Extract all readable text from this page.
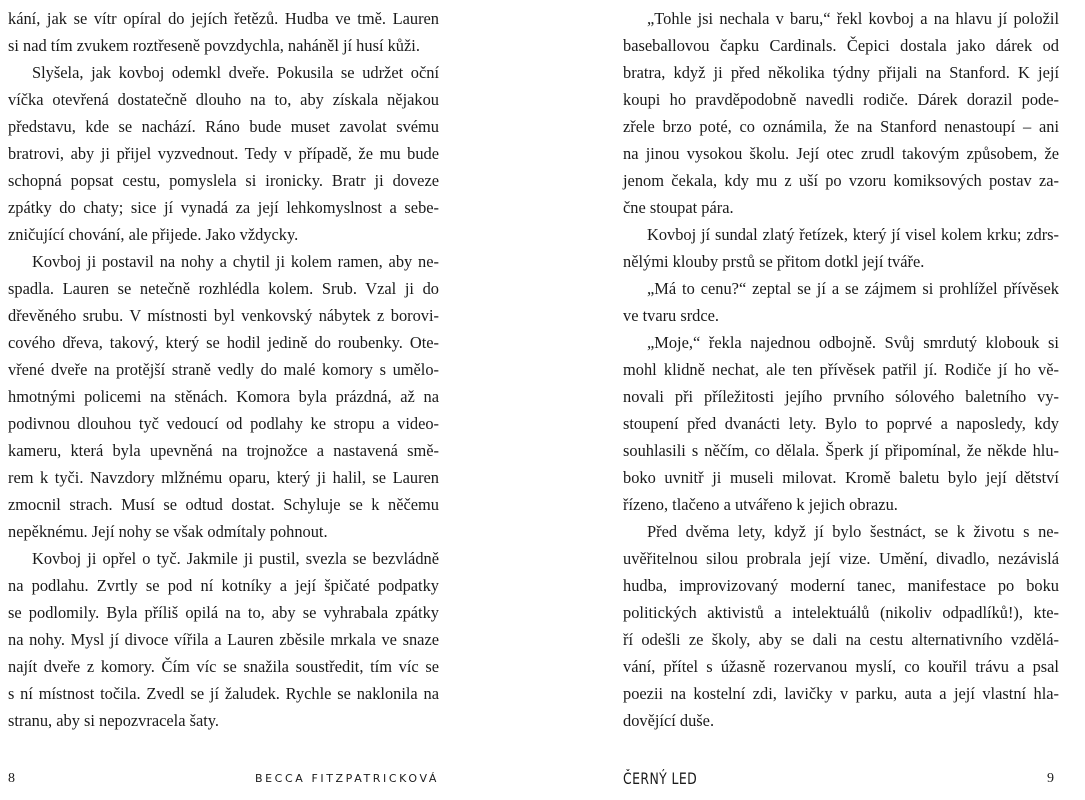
kání, jak se vítr opíral do jejích řetězů. Hudba ve tmě. Lauren
si nad tím zvukem roztřeseně povzdychla, naháněl jí husí kůži.
Slyšela, jak kovboj odemkl dveře. Pokusila se udržet oční
víčka otevřená dostatečně dlouho na to, aby získala nějakou
představu, kde se nachází. Ráno bude muset zavolat svému
bratrovi, aby ji přijel vyzvednout. Tedy v případě, že mu bude
schopná popsat cestu, pomyslela si ironicky. Bratr ji doveze
zpátky do chaty; sice jí vynadá za její lehkomyslnost a sebe-
zničující chování, ale přijede. Jako vždycky.
Kovboj ji postavil na nohy a chytil ji kolem ramen, aby ne-
spadla. Lauren se netečně rozhlédla kolem. Srub. Vzal ji do
dřevěného srubu. V místnosti byl venkovský nábytek z borovi-
cového dřeva, takový, který se hodil jedině do roubenky. Ote-
vřené dveře na protější straně vedly do malé komory s umělo-
hmotnými policemi na stěnách. Komora byla prázdná, až na
podivnou dlouhou tyč vedoucí od podlahy ke stropu a video-
kameru, která byla upevněná na trojnožce a nastavená smě-
rem k tyči. Navzdory mlžnému oparu, který ji halil, se Lauren
zmocnil strach. Musí se odtud dostat. Schyluje se k něčemu
nepěknému. Její nohy se však odmítaly pohnout.
Kovboj ji opřel o tyč. Jakmile ji pustil, svezla se bezvládně
na podlahu. Zvrtly se pod ní kotníky a její špičaté podpatky
se podlomily. Byla příliš opilá na to, aby se vyhrabala zpátky
na nohy. Mysl jí divoce vířila a Lauren zběsile mrkala ve snaze
najít dveře z komory. Čím víc se snažila soustředit, tím víc se
s ní místnost točila. Zvedl se jí žaludek. Rychle se naklonila na
stranu, aby si nepozvracela šaty.
„Tohle jsi nechala v baru,“ řekl kovboj a na hlavu jí položil
baseballovou čapku Cardinals. Čepici dostala jako dárek od
bratra, když ji před několika týdny přijali na Stanford. K její
koupi ho pravděpodobně navedli rodiče. Dárek dorazil pode-
zřele brzo poté, co oznámila, že na Stanford nenastoupí – ani
na jinou vysokou školu. Její otec zrudl takovým způsobem, že
jenom čekala, kdy mu z uší po vzoru komiksových postav za-
čne stoupat pára.
Kovboj jí sundal zlatý řetízek, který jí visel kolem krku; zdrs-
nělými klouby prstů se přitom dotkl její tváře.
„Má to cenu?“ zeptal se jí a se zájmem si prohlížel přívěsek
ve tvaru srdce.
„Moje,“ řekla najednou odbojně. Svůj smrdutý klobouk si
mohl klidně nechat, ale ten přívěsek patřil jí. Rodiče jí ho vě-
novali při příležitosti jejího prvního sólového baletního vy-
stoupení před dvanácti lety. Bylo to poprvé a naposledy, kdy
souhlasili s něčím, co dělala. Šperk jí připomínal, že někde hlu-
boko uvnitř ji museli milovat. Kromě baletu bylo její dětství
řízeno, tlačeno a utvářeno k jejich obrazu.
Před dvěma lety, když jí bylo šestnáct, se k životu s ne-
uvěřitelnou silou probrala její vize. Umění, divadlo, nezávislá
hudba, improvizovaný moderní tanec, manifestace po boku
politických aktivistů a intelektuálů (nikoliv odpadlíků!), kte-
ří odešli ze školy, aby se dali na cestu alternativního vzdělá-
vání, přítel s úžasně rozervanou myslí, co kouřil trávu a psal
poezii na kostelní zdi, lavičky v parku, auta a její vlastní hla-
dovějící duše.
8	BECCA FITZPATRICKOVÁ	ČERNÝ LED	9
